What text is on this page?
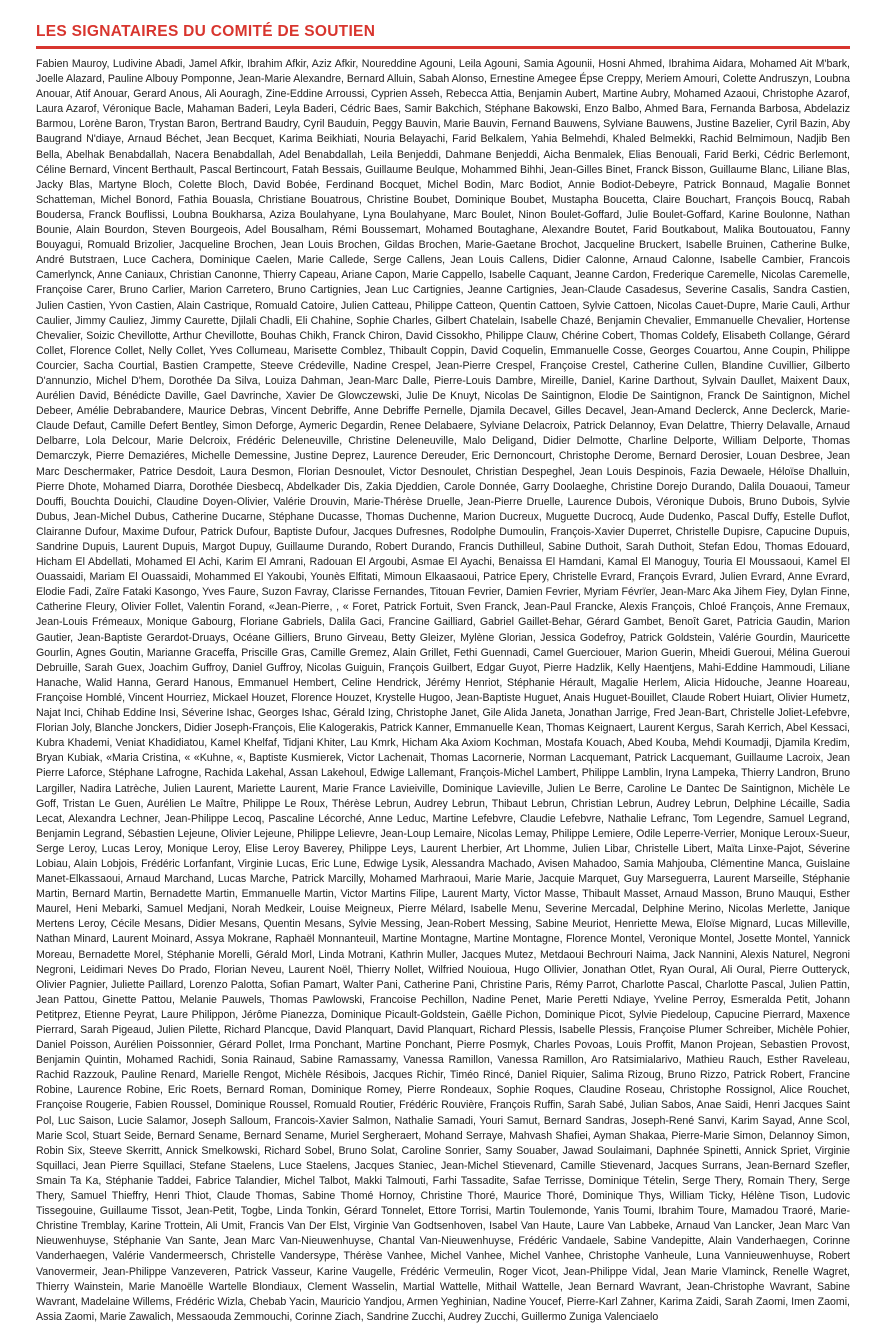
LES SIGNATAIRES DU COMITÉ DE SOUTIEN

Fabien Mauroy, Ludivine Abadi, Jamel Afkir, Ibrahim Afkir, Aziz Afkir, Noureddine Agouni, Leila Agouni, Samia Agounii, Hosni Ahmed, Ibrahima Aidara, Mohamed Ait M'bark, Joelle Alazard, Pauline Albouy Pomponne, Jean-Marie Alexandre, Bernard Alluin, Sabah Alonso, Ernestine Amegee Épse Creppy, Meriem Amouri, Colette Andruszyn, Loubna Anouar, Atif Anouar, Gerard Anous, Ali Aouragh, Zine-Eddine Arroussi, Cyprien Asseh, Rebecca Attia, Benjamin Aubert, Martine Aubry, Mohamed Azaoui, Christophe Azarof, Laura Azarof, Véronique Bacle, Mahaman Baderi, Leyla Baderi, Cédric Baes, Samir Bakchich, Stéphane Bakowski, Enzo Balbo, Ahmed Bara, Fernanda Barbosa, Abdelaziz Barmou, Lorène Baron, Trystan Baron, Bertrand Baudry, Cyril Bauduin, Peggy Bauvin, Marie Bauvin, Fernand Bauwens, Sylviane Bauwens, Justine Bazelier, Cyril Bazin, Aby Baugrand N'diaye, Arnaud Béchet, Jean Becquet, Karima Beikhiati, Nouria Belayachi, Farid Belkalem, Yahia Belmehdi, Khaled Belmekki, Rachid Belmimoun, Nadjib Ben Bella, Abelhak Benabdallah, Nacera Benabdallah, Adel Benabdallah, Leila Benjeddi, Dahmane Benjeddi, Aicha Benmalek, Elias Benouali, Farid Berki, Cédric Berlemont, Céline Bernard, Vincent Berthault, Pascal Bertincourt, Fatah Bessais, Guillaume Beulque, Mohammed Bihhi, Jean-Gilles Binet, Franck Bisson, Guillaume Blanc, Liliane Blas, Jacky Blas, Martyne Bloch, Colette Bloch, David Bobée, Ferdinand Bocquet, Michel Bodin, Marc Bodiot, Annie Bodiot-Debeyre, Patrick Bonnaud, Magalie Bonnet Schatteman, Michel Bonord, Fathia Bouasla, Christiane Bouatrous, Christine Boubet, Dominique Boubet, Mustapha Boucetta, Claire Bouchart, François Boucq, Rabah Boudersa, Franck Bouflissi, Loubna Boukharsa, Aziza Boulahyane, Lyna Boulahyane, Marc Boulet, Ninon Boulet-Goffard, Julie Boulet-Goffard, Karine Boulonne, Nathan Bounie, Alain Bourdon, Steven Bourgeois, Adel Bousalham, Rémi Boussemart, Mohamed Boutaghane, Alexandre Boutet, Farid Boutkabout, Malika Boutouatou, Fanny Bouyagui, Romuald Brizolier, Jacqueline Brochen, Jean Louis Brochen, Gildas Brochen, Marie-Gaetane Brochot, Jacqueline Bruckert, Isabelle Bruinen, Catherine Bulke, André Butstraen, Luce Cachera, Dominique Caelen, Marie Callede, Serge Callens, Jean Louis Callens, Didier Calonne, Arnaud Calonne, Isabelle Cambier, Francois Camerlynck, Anne Caniaux, Christian Canonne, Thierry Capeau, Ariane Capon, Marie Cappello, Isabelle Caquant, Jeanne Cardon, Frederique Caremelle, Nicolas Caremelle, Françoise Carer, Bruno Carlier, Marion Carretero, Bruno Cartignies, Jean Luc Cartignies, Jeanne Cartignies, Jean-Claude Casadesus, Severine Casalis, Sandra Castien, Julien Castien, Yvon Castien, Alain Castrique, Romuald Catoire, Julien Catteau, Philippe Catteon, Quentin Cattoen, Sylvie Cattoen, Nicolas Cauet-Dupre, Marie Cauli, Arthur Caulier, Jimmy Cauliez, Jimmy Caurette, Djilali Chadli, Eli Chahine, Sophie Charles, Gilbert Chatelain, Isabelle Chazé, Benjamin Chevalier, Emmanuelle Chevalier, Hortense Chevalier, Soizic Chevillotte, Arthur Chevillotte, Bouhas Chikh, Franck Chiron, David Cissokho, Philippe Clauw, Chérine Cobert, Thomas Coldefy, Elisabeth Collange, Gérard Collet, Florence Collet, Nelly Collet, Yves Collumeau, Marisette Comblez, Thibault Coppin, David Coquelin, Emmanuelle Cosse, Georges Couartou, Anne Coupin, Philippe Courcier, Sacha Courtial, Bastien Crampette, Steeve Crédeville, Nadine Crespel, Jean-Pierre Crespel, Françoise Crestel, Catherine Cullen, Blandine Cuvillier, Gilberto D'annunzio, Michel D'hem, Dorothée Da Silva, Louiza Dahman, Jean-Marc Dalle, Pierre-Louis Dambre, Mireille, Daniel, Karine Darthout, Sylvain Daullet, Maixent Daux, Aurélien David, Bénédicte Daville, Gael Davrinche, Xavier De Glowczewski, Julie De Knuyt, Nicolas De Saintignon, Elodie De Saintignon, Franck De Saintignon, Michel Debeer, Amélie Debrabandere, Maurice Debras, Vincent Debriffe, Anne Debriffe Pernelle, Djamila Decavel, Gilles Decavel, Jean-Amand Declerck, Anne Declerck, Marie-Claude Defaut, Camille Defert Bentley, Simon Deforge, Aymeric Degardin, Renee Delabaere, Sylviane Delacroix, Patrick Delannoy, Evan Delattre, Thierry Delavalle, Arnaud Delbarre, Lola Delcour, Marie Delcroix, Frédéric Deleneuville, Christine Deleneuville, Malo Deligand, Didier Delmotte, Charline Delporte, William Delporte, Thomas Demarczyk, Pierre Demaziéres, Michelle Demessine, Justine Deprez, Laurence Dereuder, Eric Dernoncourt, Christophe Derome, Bernard Derosier, Louan Desbree, Jean Marc Deschermaker, Patrice Desdoit, Laura Desmon, Florian Desnoulet, Victor Desnoulet, Christian Despeghel, Jean Louis Despinois, Fazia Dewaele, Héloïse Dhalluin, Pierre Dhote, Mohamed Diarra, Dorothée Diesbecq, Abdelkader Dis, Zakia Djeddien, Carole Donnée, Garry Doolaeghe, Christine Dorejo Durando, Dalila Douaoui, Tameur Douffi, Bouchta Douichi, Claudine Doyen-Olivier, Valérie Drouvin, Marie-Thérèse Druelle, Jean-Pierre Druelle, Laurence Dubois, Véronique Dubois, Bruno Dubois, Sylvie Dubus, Jean-Michel Dubus, Catherine Ducarne, Stéphane Ducasse, Thomas Duchenne, Marion Ducreux, Muguette Ducrocq, Aude Dudenko, Pascal Duffy, Estelle Duflot, Clairanne Dufour, Maxime Dufour, Patrick Dufour, Baptiste Dufour, Jacques Dufresnes, Rodolphe Dumoulin, François-Xavier Duperret, Christelle Dupisre, Capucine Dupuis, Sandrine Dupuis, Laurent Dupuis, Margot Dupuy, Guillaume Durando, Robert Durando, Francis Duthilleul, Sabine Duthoit, Sarah Duthoit, Stefan Edou, Thomas Edouard, Hicham El Abdellati, Mohamed El Achi, Karim El Amrani, Radouan El Argoubi, Asmae El Ayachi, Benaissa El Hamdani, Kamal El Manoguy, Touria El Moussaoui, Kamel El Ouassaidi, Mariam El Ouassaidi, Mohammed El Yakoubi, Younès Elfitati, Mimoun Elkaasaoui, Patrice Epery, Christelle Evrard, François Evrard, Julien Evrard, Anne Evrard, Elodie Fadi, Zaïre Fataki Kasongo, Yves Faure, Suzon Favray, Clarisse Fernandes, Titouan Fevrier, Damien Fevrier, Myriam Févrïer, Jean-Marc Aka Jihem Fiey, Dylan Finne, Catherine Fleury, Olivier Follet, Valentin Forand, «Jean-Pierre, , « Foret, Patrick Fortuit, Sven Franck, Jean-Paul Francke, Alexis François, Chloé François, Anne Fremaux, Jean-Louis Frémeaux, Monique Gabourg, Floriane Gabriels, Dalila Gaci, Francine Gailliard, Gabriel Gaillet-Behar, Gérard Gambet, Benoît Garet, Patricia Gaudin, Marion Gautier, Jean-Baptiste Gerardot-Druays, Océane Gilliers, Bruno Girveau, Betty Gleizer, Mylène Glorian, Jessica Godefroy, Patrick Goldstein, Valérie Gourdin, Mauricette Gourlin, Agnes Goutin, Marianne Graceffa, Priscille Gras, Camille Gremez, Alain Grillet, Fethi Guennadi, Camel Guerciouer, Marion Guerin, Mheidi Gueroui, Mélina Gueroui Debruille, Sarah Guex, Joachim Guffroy, Daniel Guffroy, Nicolas Guiguin, François Guilbert, Edgar Guyot, Pierre Hadzlik, Kelly Haentjens, Mahi-Eddine Hammoudi, Liliane Hanache, Walid Hanna, Gerard Hanous, Emmanuel Hembert, Celine Hendrick, Jérémy Henriot, Stéphanie Hérault, Magalie Herlem, Alicia Hidouche, Jeanne Hoareau, Françoise Homblé, Vincent Hourriez, Mickael Houzet, Florence Houzet, Krystelle Hugoo, Jean-Baptiste Huguet, Anais Huguet-Bouillet, Claude Robert Huiart, Olivier Humetz, Najat Inci, Chihab Eddine Insi, Séverine Ishac, Georges Ishac, Gérald Izing, Christophe Janet, Gile Alida Janeta, Jonathan Jarrige, Fred Jean-Bart, Christelle Joliet-Lefebvre, Florian Joly, Blanche Jonckers, Didier Joseph-François, Elie Kalogerakis, Patrick Kanner, Emmanuelle Kean, Thomas Keignaert, Laurent Kergus, Sarah Kerrich, Abel Kessaci, Kubra Khademi, Veniat Khadidiatou, Kamel Khelfaf, Tidjani Khiter, Lau Kmrk, Hicham Aka Axiom Kochman, Mostafa Kouach, Abed Kouba, Mehdi Koumadji, Djamila Kredim, Bryan Kubiak, «Maria Cristina, « «Kuhne, «, Baptiste Kusmierek, Victor Lachenait, Thomas Lacornerie, Norman Lacquemant, Patrick Lacquemant, Guillaume Lacroix, Jean Pierre Laforce, Stéphane Lafrogne, Rachida Lakehal, Assan Lakehoul, Edwige Lallemant, François-Michel Lambert, Philippe Lamblin, Iryna Lampeka, Thierry Landron, Bruno Largiller, Nadira Latrèche, Julien Laurent, Mariette Laurent, Marie France Lavieiville, Dominique Lavieville, Julien Le Berre, Caroline Le Dantec De Saintignon, Michèle Le Goff, Tristan Le Guen, Aurélien Le Maître, Philippe Le Roux, Thérèse Lebrun, Audrey Lebrun, Thibaut Lebrun, Christian Lebrun, Audrey Lebrun, Delphine Lécaille, Sadia Lecat, Alexandra Lechner, Jean-Philippe Lecoq, Pascaline Lécorché, Anne Leduc, Martine Lefebvre, Claudie Lefebvre, Nathalie Lefranc, Tom Legendre, Samuel Legrand, Benjamin Legrand, Sébastien Lejeune, Olivier Lejeune, Philippe Lelievre, Jean-Loup Lemaire, Nicolas Lemay, Philippe Lemiere, Odile Leperre-Verrier, Monique Leroux-Sueur, Serge Leroy, Lucas Leroy, Monique Leroy, Elise Leroy Baverey, Philippe Leys, Laurent Lherbier, Art Lhomme, Julien Libar, Christelle Libert, Maïta Linxe-Pajot, Séverine Lobiau, Alain Lobjois, Frédéric Lorfanfant, Virginie Lucas, Eric Lune, Edwige Lysik, Alessandra Machado, Avisen Mahadoo, Samia Mahjouba, Clémentine Manca, Guislaine Manet-Elkassaoui, Arnaud Marchand, Lucas Marche, Patrick Marcilly, Mohamed Marhraoui, Marie Marie, Jacquie Marquet, Guy Marseguerra, Laurent Marseille, Stéphanie Martin, Bernard Martin, Bernadette Martin, Emmanuelle Martin, Victor Martins Filipe, Laurent Marty, Victor Masse, Thibault Masset, Arnaud Masson, Bruno Mauqui, Esther Maurel, Heni Mebarki, Samuel Medjani, Norah Medkeir, Louise Meigneux, Pierre Mélard, Isabelle Menu, Severine Mercadal, Delphine Merino, Nicolas Merlette, Janique Mertens Leroy, Cécile Mesans, Didier Mesans, Quentin Mesans, Sylvie Messing, Jean-Robert Messing, Sabine Meuriot, Henriette Mewa, Eloïse Mignard, Lucas Milleville, Nathan Minard, Laurent Moinard, Assya Mokrane, Raphaël Monnanteuil, Martine Montagne, Martine Montagne, Florence Montel, Veronique Montel, Josette Montel, Yannick Moreau, Bernadette Morel, Stéphanie Morelli, Gérald Morl, Linda Motrani, Kathrin Muller, Jacques Mutez, Metdaoui Bechrouri Naima, Jack Nannini, Alexis Naturel, Negroni Negroni, Leidimari Neves Do Prado, Florian Neveu, Laurent Noël, Thierry Nollet, Wilfried Nouioua, Hugo Ollivier, Jonathan Otlet, Ryan Oural, Ali Oural, Pierre Outteryck, Olivier Pagnier, Juliette Paillard, Lorenzo Palotta, Sofian Pamart, Walter Pani, Catherine Pani, Christine Paris, Rémy Parrot, Charlotte Pascal, Charlotte Pascal, Julien Pattin, Jean Pattou, Ginette Pattou, Melanie Pauwels, Thomas Pawlowski, Francoise Pechillon, Nadine Penet, Marie Peretti Ndiaye, Yveline Perroy, Esmeralda Petit, Johann Petitprez, Etienne Peyrat, Laure Philippon, Jérôme Pianezza, Dominique Picault-Goldstein, Gaëlle Pichon, Dominique Picot, Sylvie Piedeloup, Capucine Pierrard, Maxence Pierrard, Sarah Pigeaud, Julien Pilette, Richard Plancque, David Planquart, David Planquart, Richard Plessis, Isabelle Plessis, Françoise Plumer Schreiber, Michèle Pohier, Daniel Poisson, Aurélien Poissonnier, Gérard Pollet, Irma Ponchant, Martine Ponchant, Pierre Posmyk, Charles Povoas, Louis Proffit, Manon Projean, Sebastien Provost, Benjamin Quintin, Mohamed Rachidi, Sonia Rainaud, Sabine Ramassamy, Vanessa Ramillon, Vanessa Ramillon, Aro Ratsimialarivo, Mathieu Rauch, Esther Raveleau, Rachid Razzouk, Pauline Renard, Marielle Rengot, Michèle Résibois, Jacques Richir, Timéo Rincé, Daniel Riquier, Salima Rizoug, Bruno Rizzo, Patrick Robert, Francine Robine, Laurence Robine, Eric Roets, Bernard Roman, Dominique Romey, Pierre Rondeaux, Sophie Roques, Claudine Roseau, Christophe Rossignol, Alice Rouchet, Françoise Rougerie, Fabien Roussel, Dominique Roussel, Romuald Routier, Frédéric Rouvière, François Ruffin, Sarah Sabé, Julian Sabos, Anae Saidi, Henri Jacques Saint Pol, Luc Saison, Lucie Salamor, Joseph Salloum, Francois-Xavier Salmon, Nathalie Samadi, Youri Samut, Bernard Sandras, Joseph-René Sanvi, Karim Sayad, Anne Scol, Marie Scol, Stuart Seide, Bernard Sename, Bernard Sename, Muriel Sergheraert, Mohand Serraye, Mahvash Shafiei, Ayman Shakaa, Pierre-Marie Simon, Delannoy Simon, Robin Six, Steeve Skerritt, Annick Smelkowski, Richard Sobel, Bruno Solat, Caroline Sonrier, Samy Souaber, Jawad Soulaimani, Daphnée Spinetti, Annick Spriet, Virginie Squillaci, Jean Pierre Squillaci, Stefane Staelens, Luce Staelens, Jacques Staniec, Jean-Michel Stievenard, Camille Stievenard, Jacques Surrans, Jean-Bernard Szefler, Smain Ta Ka, Stéphanie Taddei, Fabrice Talandier, Michel Talbot, Makki Talmouti, Farhi Tassadite, Safae Terrisse, Dominique Tételin, Serge Thery, Romain Thery, Serge Thery, Samuel Thieffry, Henri Thiot, Claude Thomas, Sabine Thomé Hornoy, Christine Thoré, Maurice Thoré, Dominique Thys, William Ticky, Hélène Tison, Ludovic Tissegouine, Guillaume Tissot, Jean-Petit, Togbe, Linda Tonkin, Gérard Tonnelet, Ettore Torrisi, Martin Toulemonde, Yanis Toumi, Ibrahim Toure, Mamadou Traoré, Marie-Christine Tremblay, Karine Trottein, Ali Umit, Francis Van Der Elst, Virginie Van Godtsenhoven, Isabel Van Haute, Laure Van Labbeke, Arnaud Van Lancker, Jean Marc Van Nieuwenhuyse, Stéphanie Van Sante, Jean Marc Van-Nieuwenhuyse, Chantal Van-Nieuwenhuyse, Frédéric Vandaele, Sabine Vandepitte, Alain Vanderhaegen, Corinne Vanderhaegen, Valérie Vandermeersch, Christelle Vandersype, Thérèse Vanhee, Michel Vanhee, Michel Vanhee, Christophe Vanheule, Luna Vannieuwenhuyse, Robert Vanovermeir, Jean-Philippe Vanzeveren, Patrick Vasseur, Karine Vaugelle, Frédéric Vermeulin, Roger Vicot, Jean-Philippe Vidal, Jean Marie Vlaminck, Renelle Wagret, Thierry Wainstein, Marie Manoëlle Wartelle Blondiaux, Clement Wasselin, Martial Wattelle, Mithail Wattelle, Jean Bernard Wavrant, Jean-Christophe Wavrant, Sabine Wavrant, Madelaine Willems, Frédéric Wizla, Chebab Yacin, Mauricio Yandjou, Armen Yeghinian, Nadine Youcef, Pierre-Karl Zahner, Karima Zaidi, Sarah Zaomi, Imen Zaomi, Assia Zaomi, Marie Zawalich, Messaouda Zemmouchi, Corinne Ziach, Sandrine Zucchi, Audrey Zucchi, Guillermo Zuniga Valenciaelo
